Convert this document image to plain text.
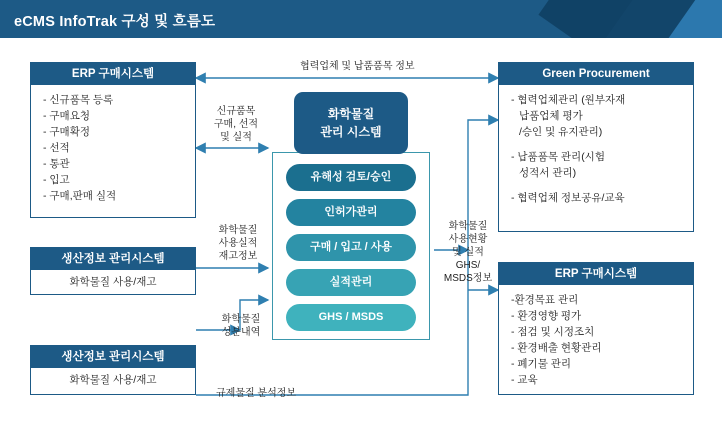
eCMS InfoTrak 구성 및 흐름도
ERP 구매시스템
- 신규품목 등록
- 구매요청
- 구매확정
- 선적
- 통관
- 입고
- 구매,판매 실적
Green Procurement
- 협력업체관리 (원부자재
납품업체 평가
/승인 및 유지관리)
- 납품품목 관리(시험
성적서 관리)
- 협력업체 정보공유/교육
생산정보 관리시스템
화학물질 사용/재고
생산정보 관리시스템
화학물질 사용/재고
ERP 구매시스템
-환경목표 관리
- 환경영향 평가
- 점검 및 시정조치
- 환경배출 현황관리
- 폐기물 관리
- 교육
화학물질
관리 시스템
유해성 검토/승인
인허가관리
구매 / 입고 / 사용
실적관리
GHS / MSDS
협력업체 및 납품품목 정보
신규품목
구매, 선적
및 실적
화학물질
사용실적
재고정보
화학물질
성분내역
규제물질 분석정보
화학물질
사용현황
및 실적
GHS/
MSDS정보
